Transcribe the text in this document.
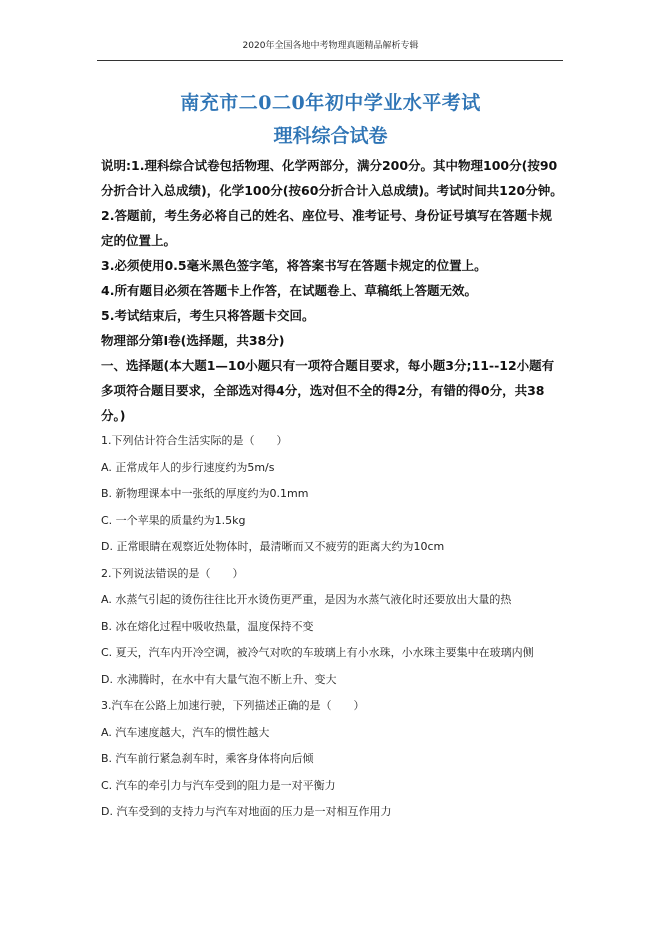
2020年全国各地中考物理真题精品解析专辑
南充市二0二0年初中学业水平考试
理科综合试卷

说明:1.理科综合试卷包括物理、化学两部分，满分200分。其中物理100分(按90分折合计入总成绩)，化学100分(按60分折合计入总成绩)。考试时间共120分钟。

2.答题前，考生务必将自己的姓名、座位号、准考证号、身份证号填写在答题卡规定的位置上。

3.必须使用0.5毫米黑色签字笔，将答案书写在答题卡规定的位置上。

4.所有题目必须在答题卡上作答，在试题卷上、草稿纸上答题无效。

5.考试结束后，考生只将答题卡交回。

物理部分第I卷(选择题，共38分)

一、选择题(本大题1—10小题只有一项符合题目要求，每小题3分;11--12小题有多项符合题目要求，全部选对得4分，选对但不全的得2分，有错的得0分，共38分。)

1.下列估计符合生活实际的是（　　）

A. 正常成年人的步行速度约为5m/s

B. 新物理课本中一张纸的厚度约为0.1mm

C. 一个苹果的质量约为1.5kg

D. 正常眼睛在观察近处物体时，最清晰而又不疲劳的距离大约为10cm

2.下列说法错误的是（　　）

A. 水蒸气引起的烫伤往往比开水烫伤更严重，是因为水蒸气液化时还要放出大量的热

B. 冰在熔化过程中吸收热量，温度保持不变

C. 夏天，汽车内开冷空调，被冷气对吹的车玻璃上有小水珠，小水珠主要集中在玻璃内侧

D. 水沸腾时，在水中有大量气泡不断上升、变大

3.汽车在公路上加速行驶，下列描述正确的是（　　）

A. 汽车速度越大，汽车的惯性越大

B. 汽车前行紧急刹车时，乘客身体将向后倾

C. 汽车的牵引力与汽车受到的阻力是一对平衡力

D. 汽车受到的支持力与汽车对地面的压力是一对相互作用力
